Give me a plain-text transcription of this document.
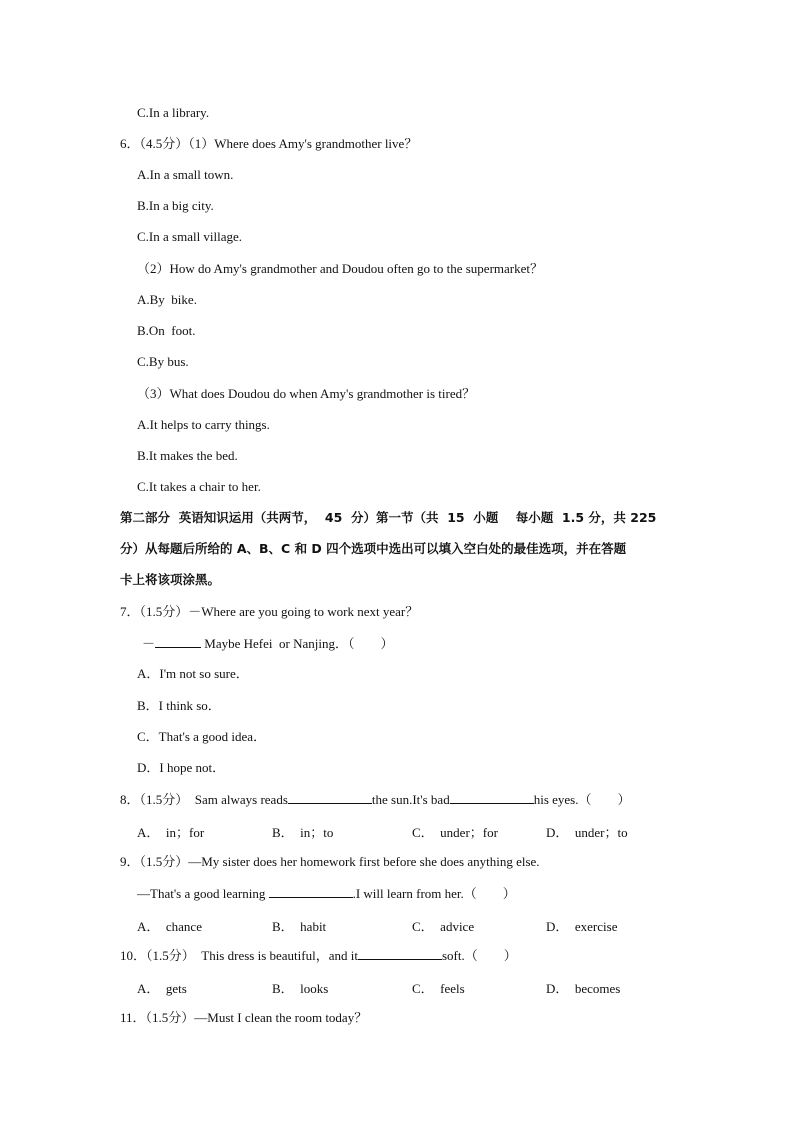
C.In a library.
6．（4.5分）（1）Where does Amy's grandmother live？
A.In a small town.
B.In a big city.
C.In a small village.
（2）How do Amy's grandmother and Doudou often go to the supermarket？
A.By  bike.
B.On  foot.
C.By bus.
（3）What does Doudou do when Amy's grandmother is tired？
A.It helps to carry things.
B.It makes the bed.
C.It takes a chair to her.
第二部分  英语知识运用（共两节，  45  分）第一节（共  15  小题    每小题  1.5 分，共 225
分）从每题后所给的 A、B、C 和 D 四个选项中选出可以填入空白处的最佳选项，并在答题
卡上将该项涂黑。
7．（1.5分）－Where are you going to work next year？
－	Maybe Hefei  or Nanjing．（        ）
A．I'm not so sure．
B．I think so．
C．That's a good idea．
D．I hope not．
8．（1.5分）  Sam always reads	the sun.It's bad	his eyes.（        ）
A．  in；for	B．  in；to	C．  under；for	D．  under；to
9．（1.5分）—My sister does her homework first before she does anything else.
—That's a good learning	.I will learn from her.（        ）
A．  chance	B．  habit	C．  advice	D．  exercise
10．（1.5分）  This dress is beautiful，and it	soft.（        ）
A．  gets	B．  looks	C．  feels	D．  becomes
11．（1.5分）—Must I clean the room today？
